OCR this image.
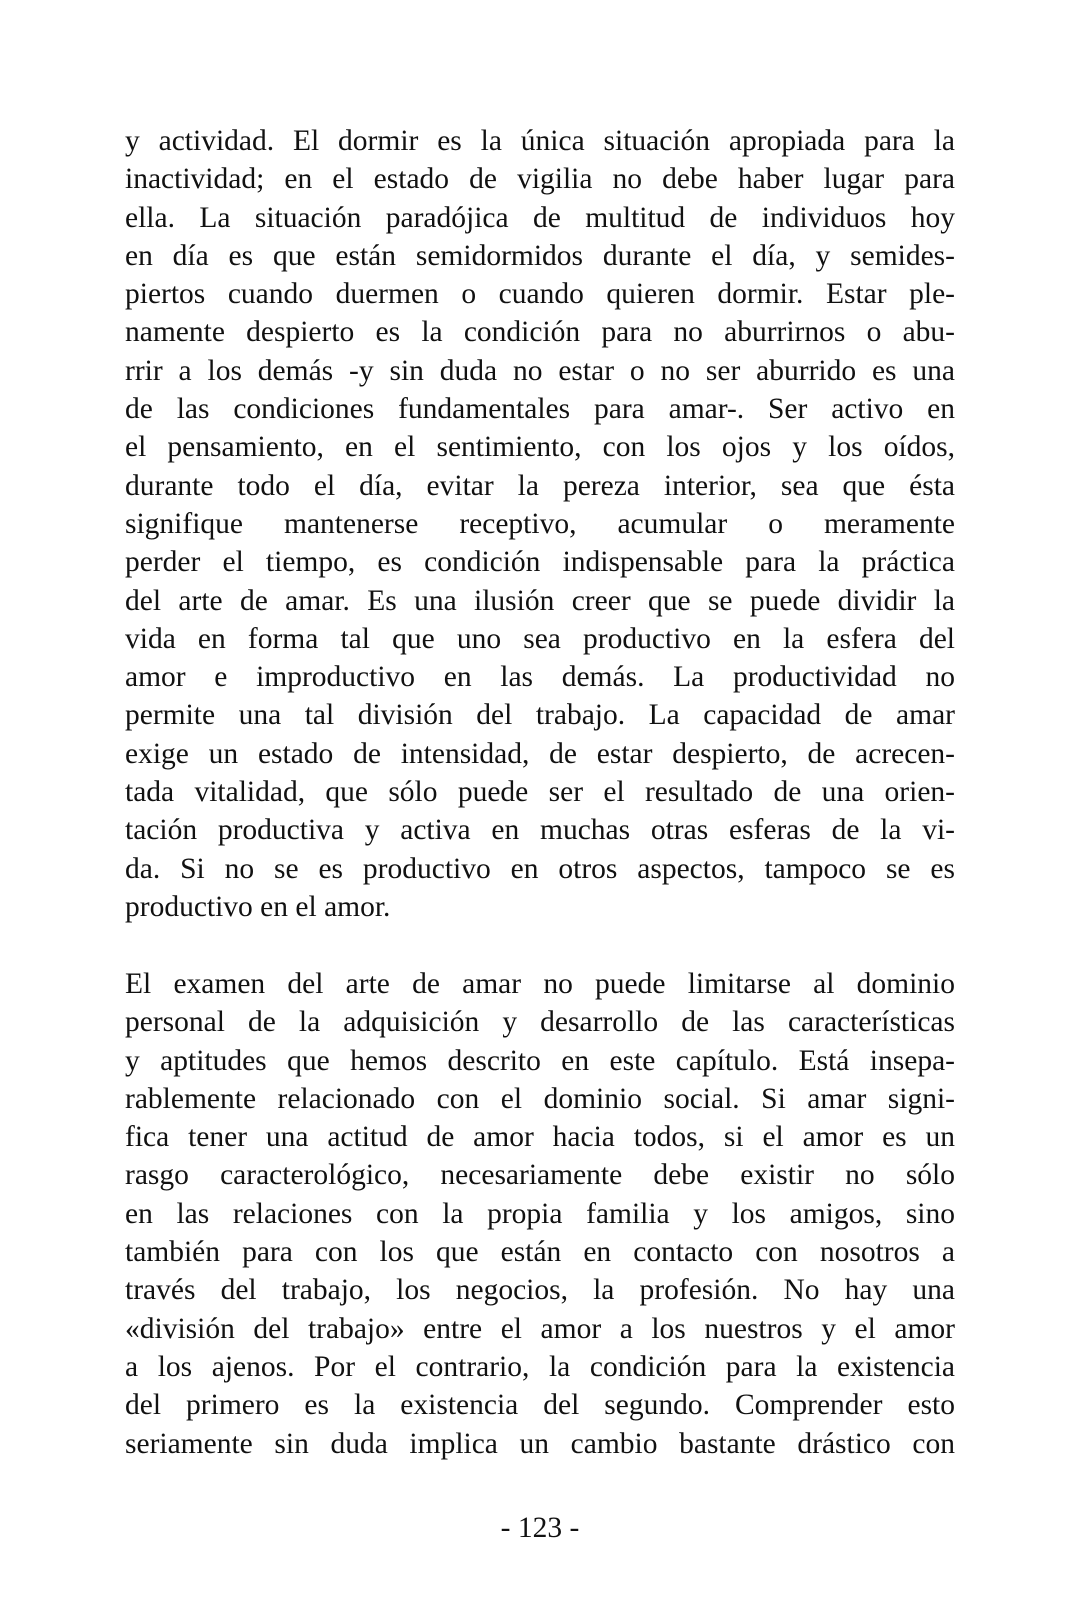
y actividad. El dormir es la única situación apropiada para la
inactividad; en el estado de vigilia no debe haber lugar para
ella. La situación paradójica de multitud de individuos hoy
en día es que están semidormidos durante el día, y semides-
piertos cuando duermen o cuando quieren dormir. Estar ple-
namente despierto es la condición para no aburrirnos o abu-
rrir a los demás -y sin duda no estar o no ser aburrido es una
de las condiciones fundamentales para amar-. Ser activo en
el pensamiento, en el sentimiento, con los ojos y los oídos,
durante todo el día, evitar la pereza interior, sea que ésta
signifique mantenerse receptivo, acumular o meramente
perder el tiempo, es condición indispensable para la práctica
del arte de amar. Es una ilusión creer que se puede dividir la
vida en forma tal que uno sea productivo en la esfera del
amor e improductivo en las demás. La productividad no
permite una tal división del trabajo. La capacidad de amar
exige un estado de intensidad, de estar despierto, de acrecen-
tada vitalidad, que sólo puede ser el resultado de una orien-
tación productiva y activa en muchas otras esferas de la vi-
da. Si no se es productivo en otros aspectos, tampoco se es
productivo en el amor.
El examen del arte de amar no puede limitarse al dominio
personal de la adquisición y desarrollo de las características
y aptitudes que hemos descrito en este capítulo. Está insepa-
rablemente relacionado con el dominio social. Si amar signi-
fica tener una actitud de amor hacia todos, si el amor es un
rasgo caracterológico, necesariamente debe existir no sólo
en las relaciones con la propia familia y los amigos, sino
también para con los que están en contacto con nosotros a
través del trabajo, los negocios, la profesión. No hay una
«división del trabajo» entre el amor a los nuestros y el amor
a los ajenos. Por el contrario, la condición para la existencia
del primero es la existencia del segundo. Comprender esto
seriamente sin duda implica un cambio bastante drástico con
- 123 -
